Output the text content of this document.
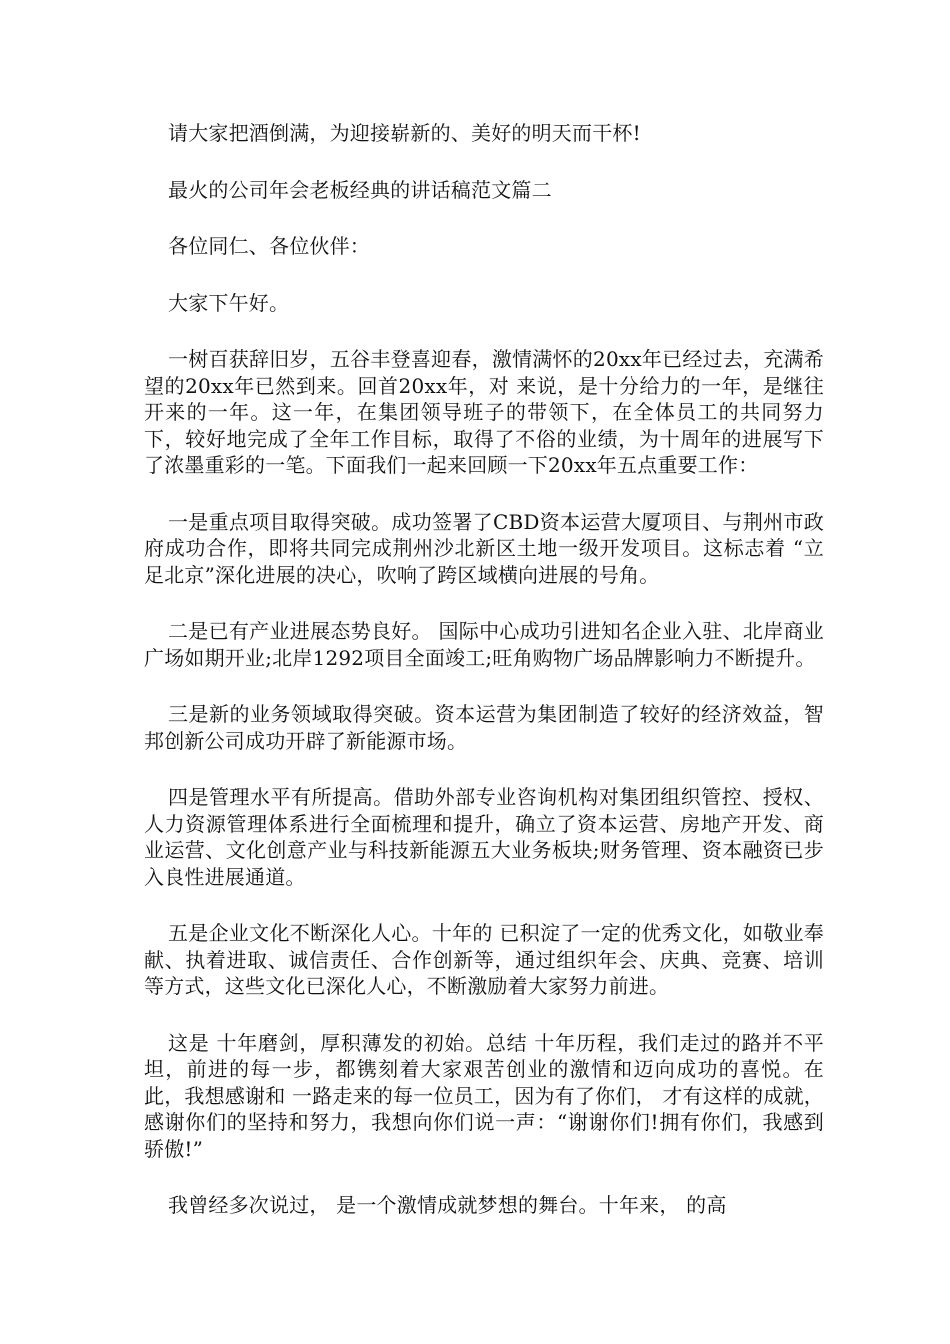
请大家把酒倒满，为迎接崭新的、美好的明天而干杯!

最火的公司年会老板经典的讲话稿范文篇二

各位同仁、各位伙伴：

大家下午好。

一树百获辞旧岁，五谷丰登喜迎春，激情满怀的20xx年已经过去，充满希望的20xx年已然到来。回首20xx年，对 来说，是十分给力的一年，是继往开来的一年。这一年，在集团领导班子的带领下，在全体员工的共同努力下，较好地完成了全年工作目标，取得了不俗的业绩，为十周年的进展写下了浓墨重彩的一笔。下面我们一起来回顾一下20xx年五点重要工作：

一是重点项目取得突破。成功签署了CBD资本运营大厦项目、与荆州市政府成功合作，即将共同完成荆州沙北新区土地一级开发项目。这标志着 “立足北京”深化进展的决心，吹响了跨区域横向进展的号角。

二是已有产业进展态势良好。 国际中心成功引进知名企业入驻、北岸商业广场如期开业;北岸1292项目全面竣工;旺角购物广场品牌影响力不断提升。

三是新的业务领域取得突破。资本运营为集团制造了较好的经济效益，智邦创新公司成功开辟了新能源市场。

四是管理水平有所提高。借助外部专业咨询机构对集团组织管控、授权、人力资源管理体系进行全面梳理和提升，确立了资本运营、房地产开发、商业运营、文化创意产业与科技新能源五大业务板块;财务管理、资本融资已步入良性进展通道。

五是企业文化不断深化人心。十年的 已积淀了一定的优秀文化，如敬业奉献、执着进取、诚信责任、合作创新等，通过组织年会、庆典、竞赛、培训等方式，这些文化已深化人心，不断激励着大家努力前进。

这是 十年磨剑，厚积薄发的初始。总结 十年历程，我们走过的路并不平坦，前进的每一步，都镌刻着大家艰苦创业的激情和迈向成功的喜悦。在此，我想感谢和 一路走来的每一位员工，因为有了你们， 才有这样的成就，感谢你们的坚持和努力，我想向你们说一声：“谢谢你们!拥有你们，我感到骄傲!”

我曾经多次说过， 是一个激情成就梦想的舞台。十年来， 的高
